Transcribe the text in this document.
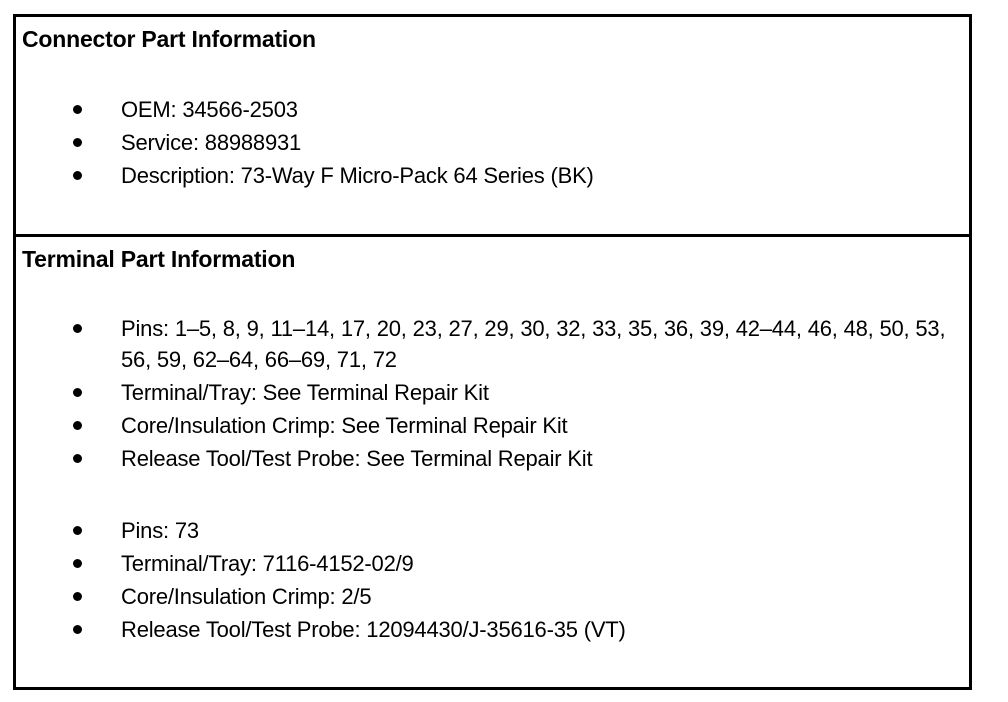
Connector Part Information
OEM: 34566-2503
Service: 88988931
Description: 73-Way F Micro-Pack 64 Series (BK)
Terminal Part Information
Pins: 1–5, 8, 9, 11–14, 17, 20, 23, 27, 29, 30, 32, 33, 35, 36, 39, 42–44, 46, 48, 50, 53, 56, 59, 62–64, 66–69, 71, 72
Terminal/Tray: See Terminal Repair Kit
Core/Insulation Crimp: See Terminal Repair Kit
Release Tool/Test Probe: See Terminal Repair Kit
Pins: 73
Terminal/Tray: 7116-4152-02/9
Core/Insulation Crimp: 2/5
Release Tool/Test Probe: 12094430/J-35616-35 (VT)
